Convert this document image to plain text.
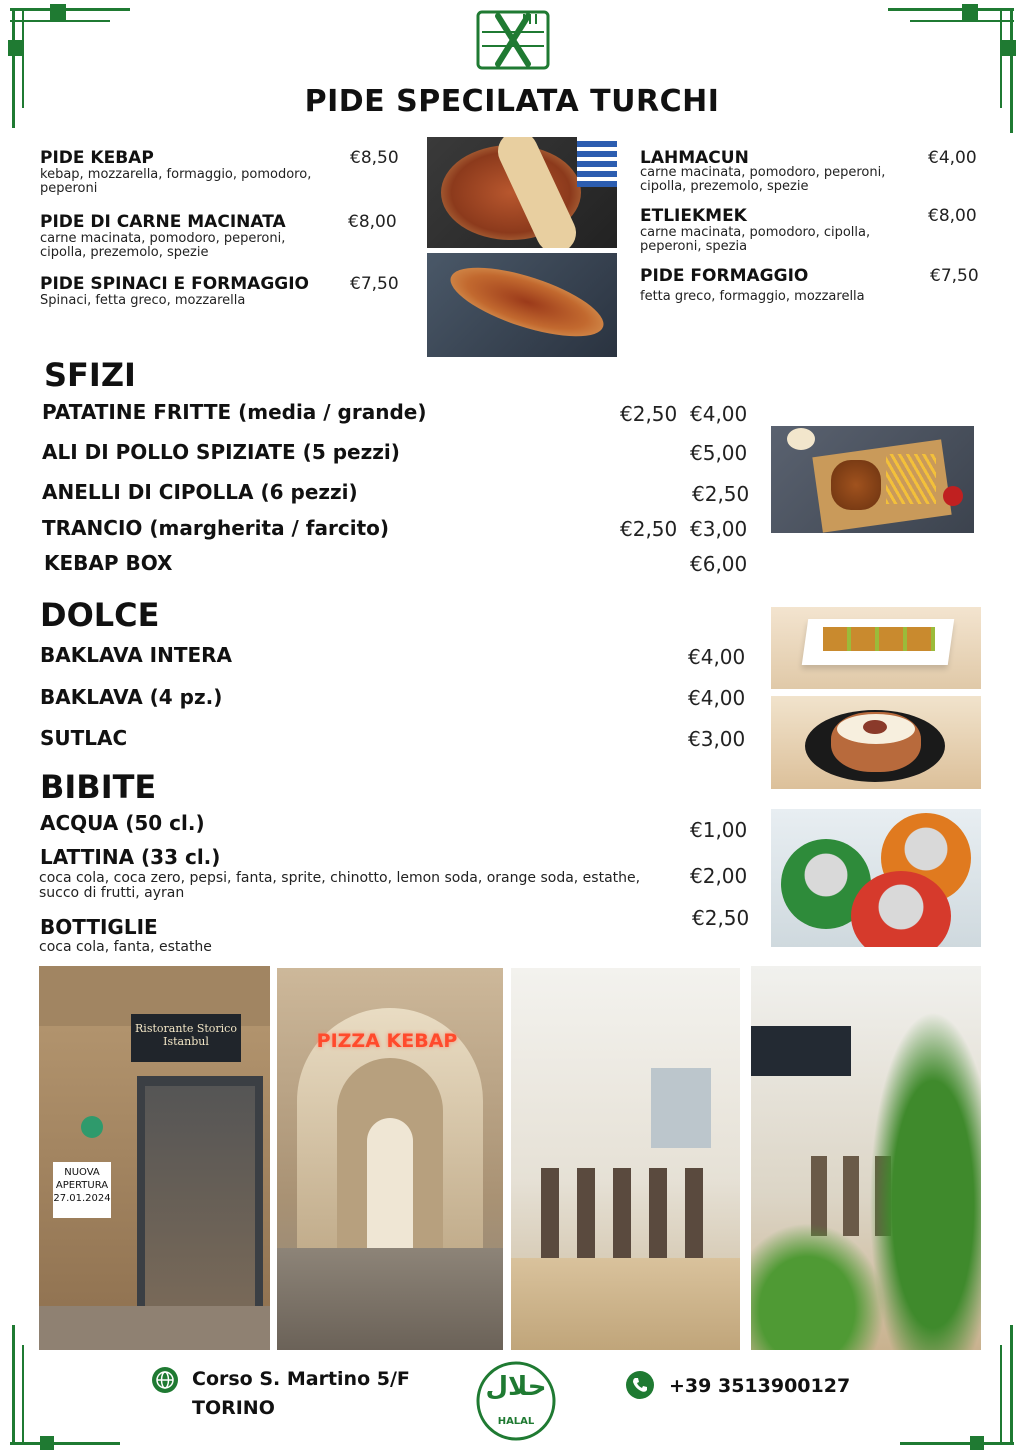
PIDE SPECILATA TURCHI
PIDE KEBAP
kebap, mozzarella, formaggio, pomodoro, peperoni
€8,50
PIDE DI CARNE MACINATA
carne macinata, pomodoro, peperoni, cipolla, prezemolo, spezie
€8,00
PIDE SPINACI E FORMAGGIO
Spinaci, fetta greco, mozzarella
€7,50
LAHMACUN
carne macinata, pomodoro, peperoni, cipolla, prezemolo, spezie
€4,00
ETLIEKMEK
carne macinata, pomodoro, cipolla, peperoni, spezia
€8,00
PIDE FORMAGGIO
fetta greco, formaggio, mozzarella
€7,50
SFIZI
PATATINE FRITTE (media / grande)	€2,50 €4,00
ALI DI POLLO SPIZIATE (5 pezzi)	€5,00
ANELLI DI CIPOLLA (6 pezzi)	€2,50
TRANCIO (margherita / farcito)	€2,50 €3,00
KEBAP BOX	€6,00
DOLCE
BAKLAVA INTERA	€4,00
BAKLAVA (4 pz.)	€4,00
SUTLAC	€3,00
BIBITE
ACQUA (50 cl.)	€1,00
LATTINA (33 cl.)
coca cola, coca zero, pepsi, fanta, sprite, chinotto, lemon soda, orange soda, estathe, succo di frutti, ayran
€2,00
BOTTIGLIE
coca cola, fanta, estathe
€2,50
Ristorante Storico Istanbul
NUOVA APERTURA 27.01.2024
PIZZA KEBAP
Corso S. Martino 5/F
TORINO
حلال
HALAL
+39 3513900127
